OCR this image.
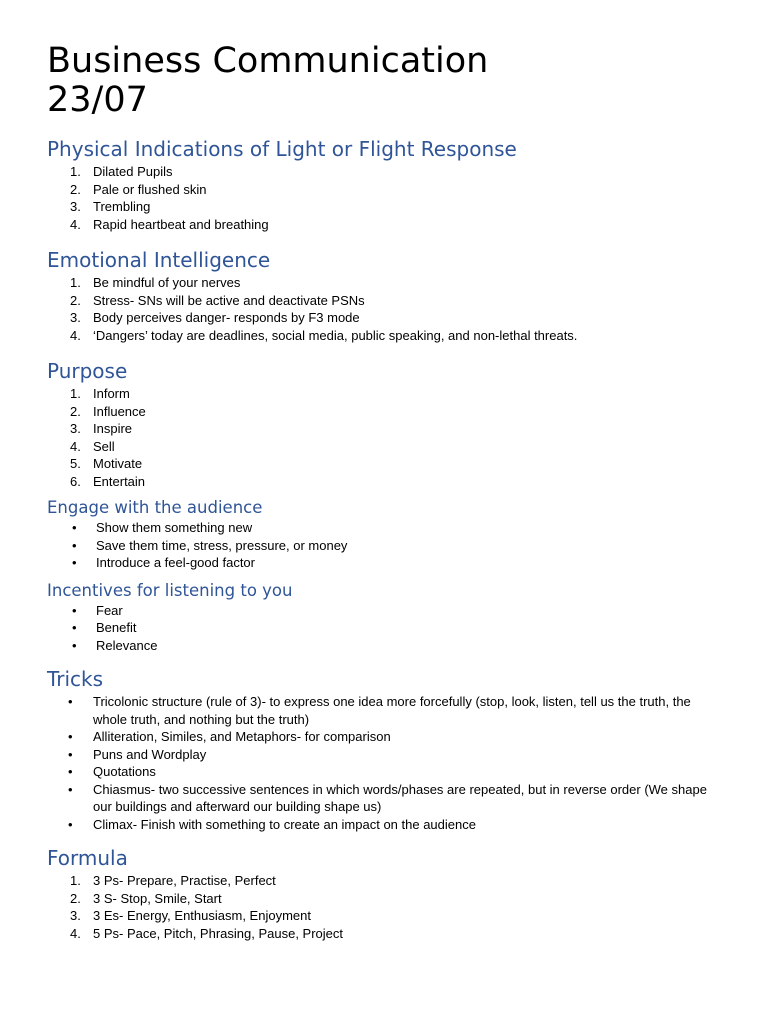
Business Communication
23/07
Physical Indications of Light or Flight Response
1. Dilated Pupils
2. Pale or flushed skin
3. Trembling
4. Rapid heartbeat and breathing
Emotional Intelligence
1. Be mindful of your nerves
2. Stress- SNs will be active and deactivate PSNs
3. Body perceives danger- responds by F3 mode
4. ‘Dangers’ today are deadlines, social media, public speaking, and non-lethal threats.
Purpose
1. Inform
2. Influence
3. Inspire
4. Sell
5. Motivate
6. Entertain
Engage with the audience
• Show them something new
• Save them time, stress, pressure, or money
• Introduce a feel-good factor
Incentives for listening to you
• Fear
• Benefit
• Relevance
Tricks
• Tricolonic structure (rule of 3)- to express one idea more forcefully (stop, look, listen, tell us the truth, the whole truth, and nothing but the truth)
• Alliteration, Similes, and Metaphors- for comparison
• Puns and Wordplay
• Quotations
• Chiasmus- two successive sentences in which words/phases are repeated, but in reverse order (We shape our buildings and afterward our building shape us)
• Climax- Finish with something to create an impact on the audience
Formula
1. 3 Ps- Prepare, Practise, Perfect
2. 3 S- Stop, Smile, Start
3. 3 Es- Energy, Enthusiasm, Enjoyment
4. 5 Ps- Pace, Pitch, Phrasing, Pause, Project
